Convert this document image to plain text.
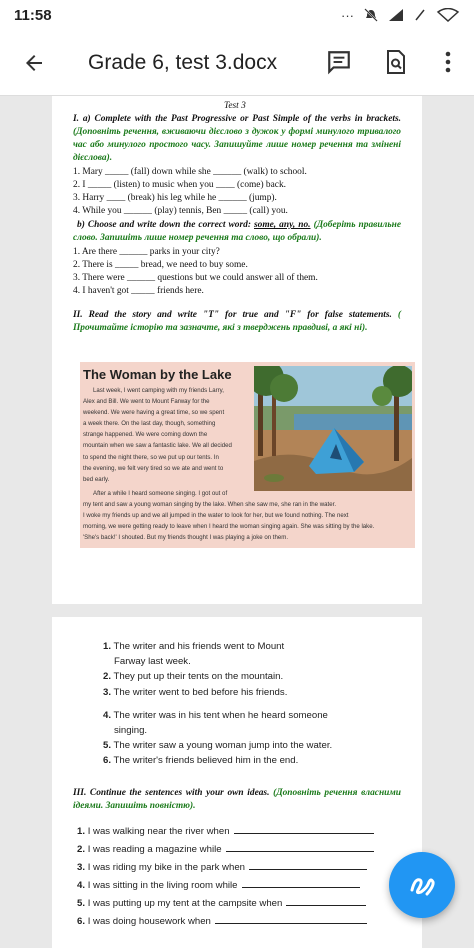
11:58	···
Grade 6, test 3.docx
Test 3
I. a) Complete with the Past Progressive or Past Simple of the verbs in brackets. (Доповніть речення, вживаючи дієслово з дужок у формі минулого тривалого час або минулого простого часу. Запишуйте лише номер речення та змінені дієслова).
1. Mary _____ (fall) down while she ______ (walk) to school.
2. I _____ (listen) to music when you ____ (come) back.
3. Harry ____ (break) his leg while he ______ (jump).
4. While you ______ (play) tennis, Ben _____ (call) you.
b) Choose and write down the correct word: some, any, no. (Доберіть правильне слово. Запишіть лише номер речення та слово, що обрали).
1. Are there ______ parks in your city?
2. There is _____ bread, we need to buy some.
3. There were ______ questions but we could answer all of them.
4. I haven't got _____ friends here.
II. Read the story and write "T" for true and "F" for false statements. ( Прочитайте історію та зазначте, які з тверджень правдиві, а які ні).
The Woman by the Lake
Last week, I went camping with my friends Larry,
Alex and Bill. We went to Mount Farway for the
weekend. We were having a great time, so we spent
a week there. On the last day, though, something
strange happened. We were coming down the
mountain when we saw a fantastic lake. We all decided
to spend the night there, so we put up our tents. In
the evening, we felt very tired so we ate and went to
bed early.
After a while I heard someone singing. I got out of
my tent and saw a young woman singing by the lake. When she saw me, she ran in the water.
I woke my friends up and we all jumped in the water to look for her, but we found nothing. The next
morning, we were getting ready to leave when I heard the woman singing again. She was sitting by the lake.
'She's back!' I shouted. But my friends thought I was playing a joke on them.
1. The writer and his friends went to Mount
Farway last week.
2. They put up their tents on the mountain.
3. The writer went to bed before his friends.
4. The writer was in his tent when he heard someone
singing.
5. The writer saw a young woman jump into the water.
6. The writer's friends believed him in the end.
III. Continue the sentences with your own ideas. (Доповніть речення власними ідеями. Запишіть повністю).
1. I was walking near the river when
2. I was reading a magazine while
3. I was riding my bike in the park when
4. I was sitting in the living room while
5. I was putting up my tent at the campsite when
6. I was doing housework when
